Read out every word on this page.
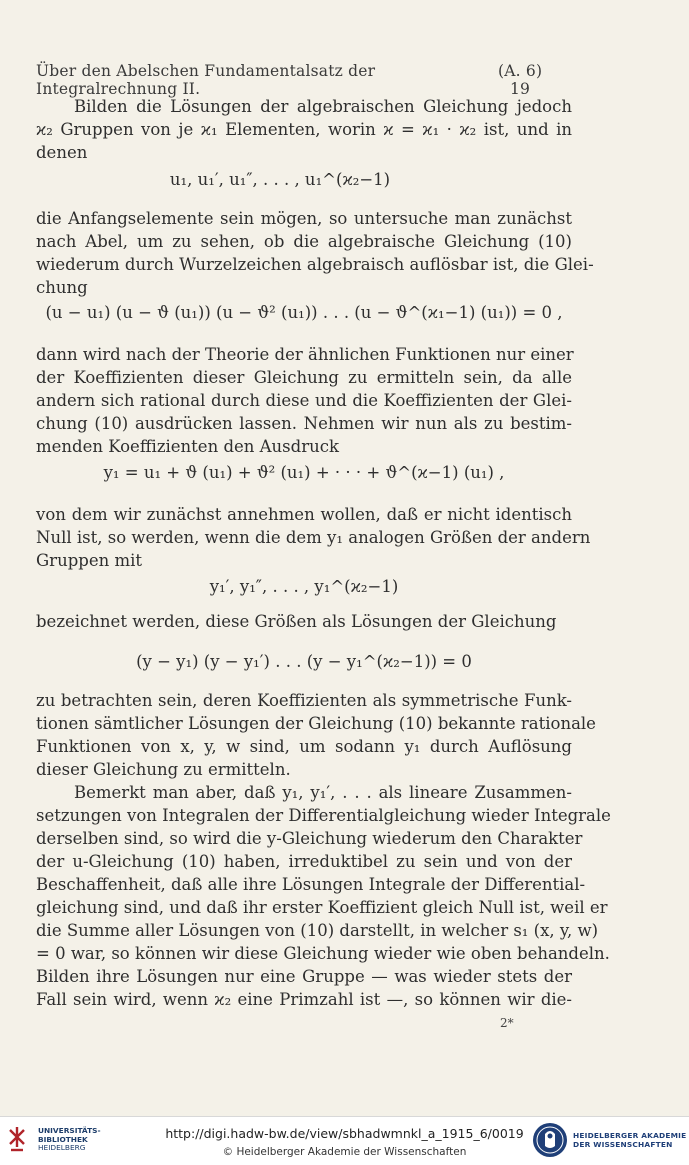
Über den Abelschen Fundamentalsatz der Integralrechnung II.
(A. 6) 19
Bilden die Lösungen der algebraischen Gleichung jedoch
ϰ₂ Gruppen von je ϰ₁ Elementen, worin ϰ = ϰ₁ · ϰ₂ ist, und in
denen
u₁, u₁′, u₁″, . . . , u₁^(ϰ₂−1)
die Anfangselemente sein mögen, so untersuche man zunächst
nach Abel, um zu sehen, ob die algebraische Gleichung (10)
wiederum durch Wurzelzeichen algebraisch auflösbar ist, die Glei-
chung
(u − u₁) (u − ϑ (u₁)) (u − ϑ² (u₁)) . . . (u − ϑ^(ϰ₁−1) (u₁)) = 0 ,
dann wird nach der Theorie der ähnlichen Funktionen nur einer
der Koeffizienten dieser Gleichung zu ermitteln sein, da alle
andern sich rational durch diese und die Koeffizienten der Glei-
chung (10) ausdrücken lassen. Nehmen wir nun als zu bestim-
menden Koeffizienten den Ausdruck
y₁ = u₁ + ϑ (u₁) + ϑ² (u₁) + · · · + ϑ^(ϰ−1) (u₁) ,
von dem wir zunächst annehmen wollen, daß er nicht identisch
Null ist, so werden, wenn die dem y₁ analogen Größen der andern
Gruppen mit
y₁′, y₁″, . . . , y₁^(ϰ₂−1)
bezeichnet werden, diese Größen als Lösungen der Gleichung
(y − y₁) (y − y₁′) . . . (y − y₁^(ϰ₂−1)) = 0
zu betrachten sein, deren Koeffizienten als symmetrische Funk-
tionen sämtlicher Lösungen der Gleichung (10) bekannte rationale
Funktionen von x, y, w sind, um sodann y₁ durch Auflösung
dieser Gleichung zu ermitteln.
Bemerkt man aber, daß y₁, y₁′, . . . als lineare Zusammen-
setzungen von Integralen der Differentialgleichung wieder Integrale
derselben sind, so wird die y-Gleichung wiederum den Charakter
der u-Gleichung (10) haben, irreduktibel zu sein und von der
Beschaffenheit, daß alle ihre Lösungen Integrale der Differential-
gleichung sind, und daß ihr erster Koeffizient gleich Null ist, weil er
die Summe aller Lösungen von (10) darstellt, in welcher s₁ (x, y, w)
= 0 war, so können wir diese Gleichung wieder wie oben behandeln.
Bilden ihre Lösungen nur eine Gruppe — was wieder stets der
Fall sein wird, wenn ϰ₂ eine Primzahl ist —, so können wir die-
2*
UNIVERSITÄTS-
BIBLIOTHEK
HEIDELBERG
http://digi.hadw-bw.de/view/sbhadwmnkl_a_1915_6/0019
© Heidelberger Akademie der Wissenschaften
HEIDELBERGER AKADEMIE
DER WISSENSCHAFTEN
